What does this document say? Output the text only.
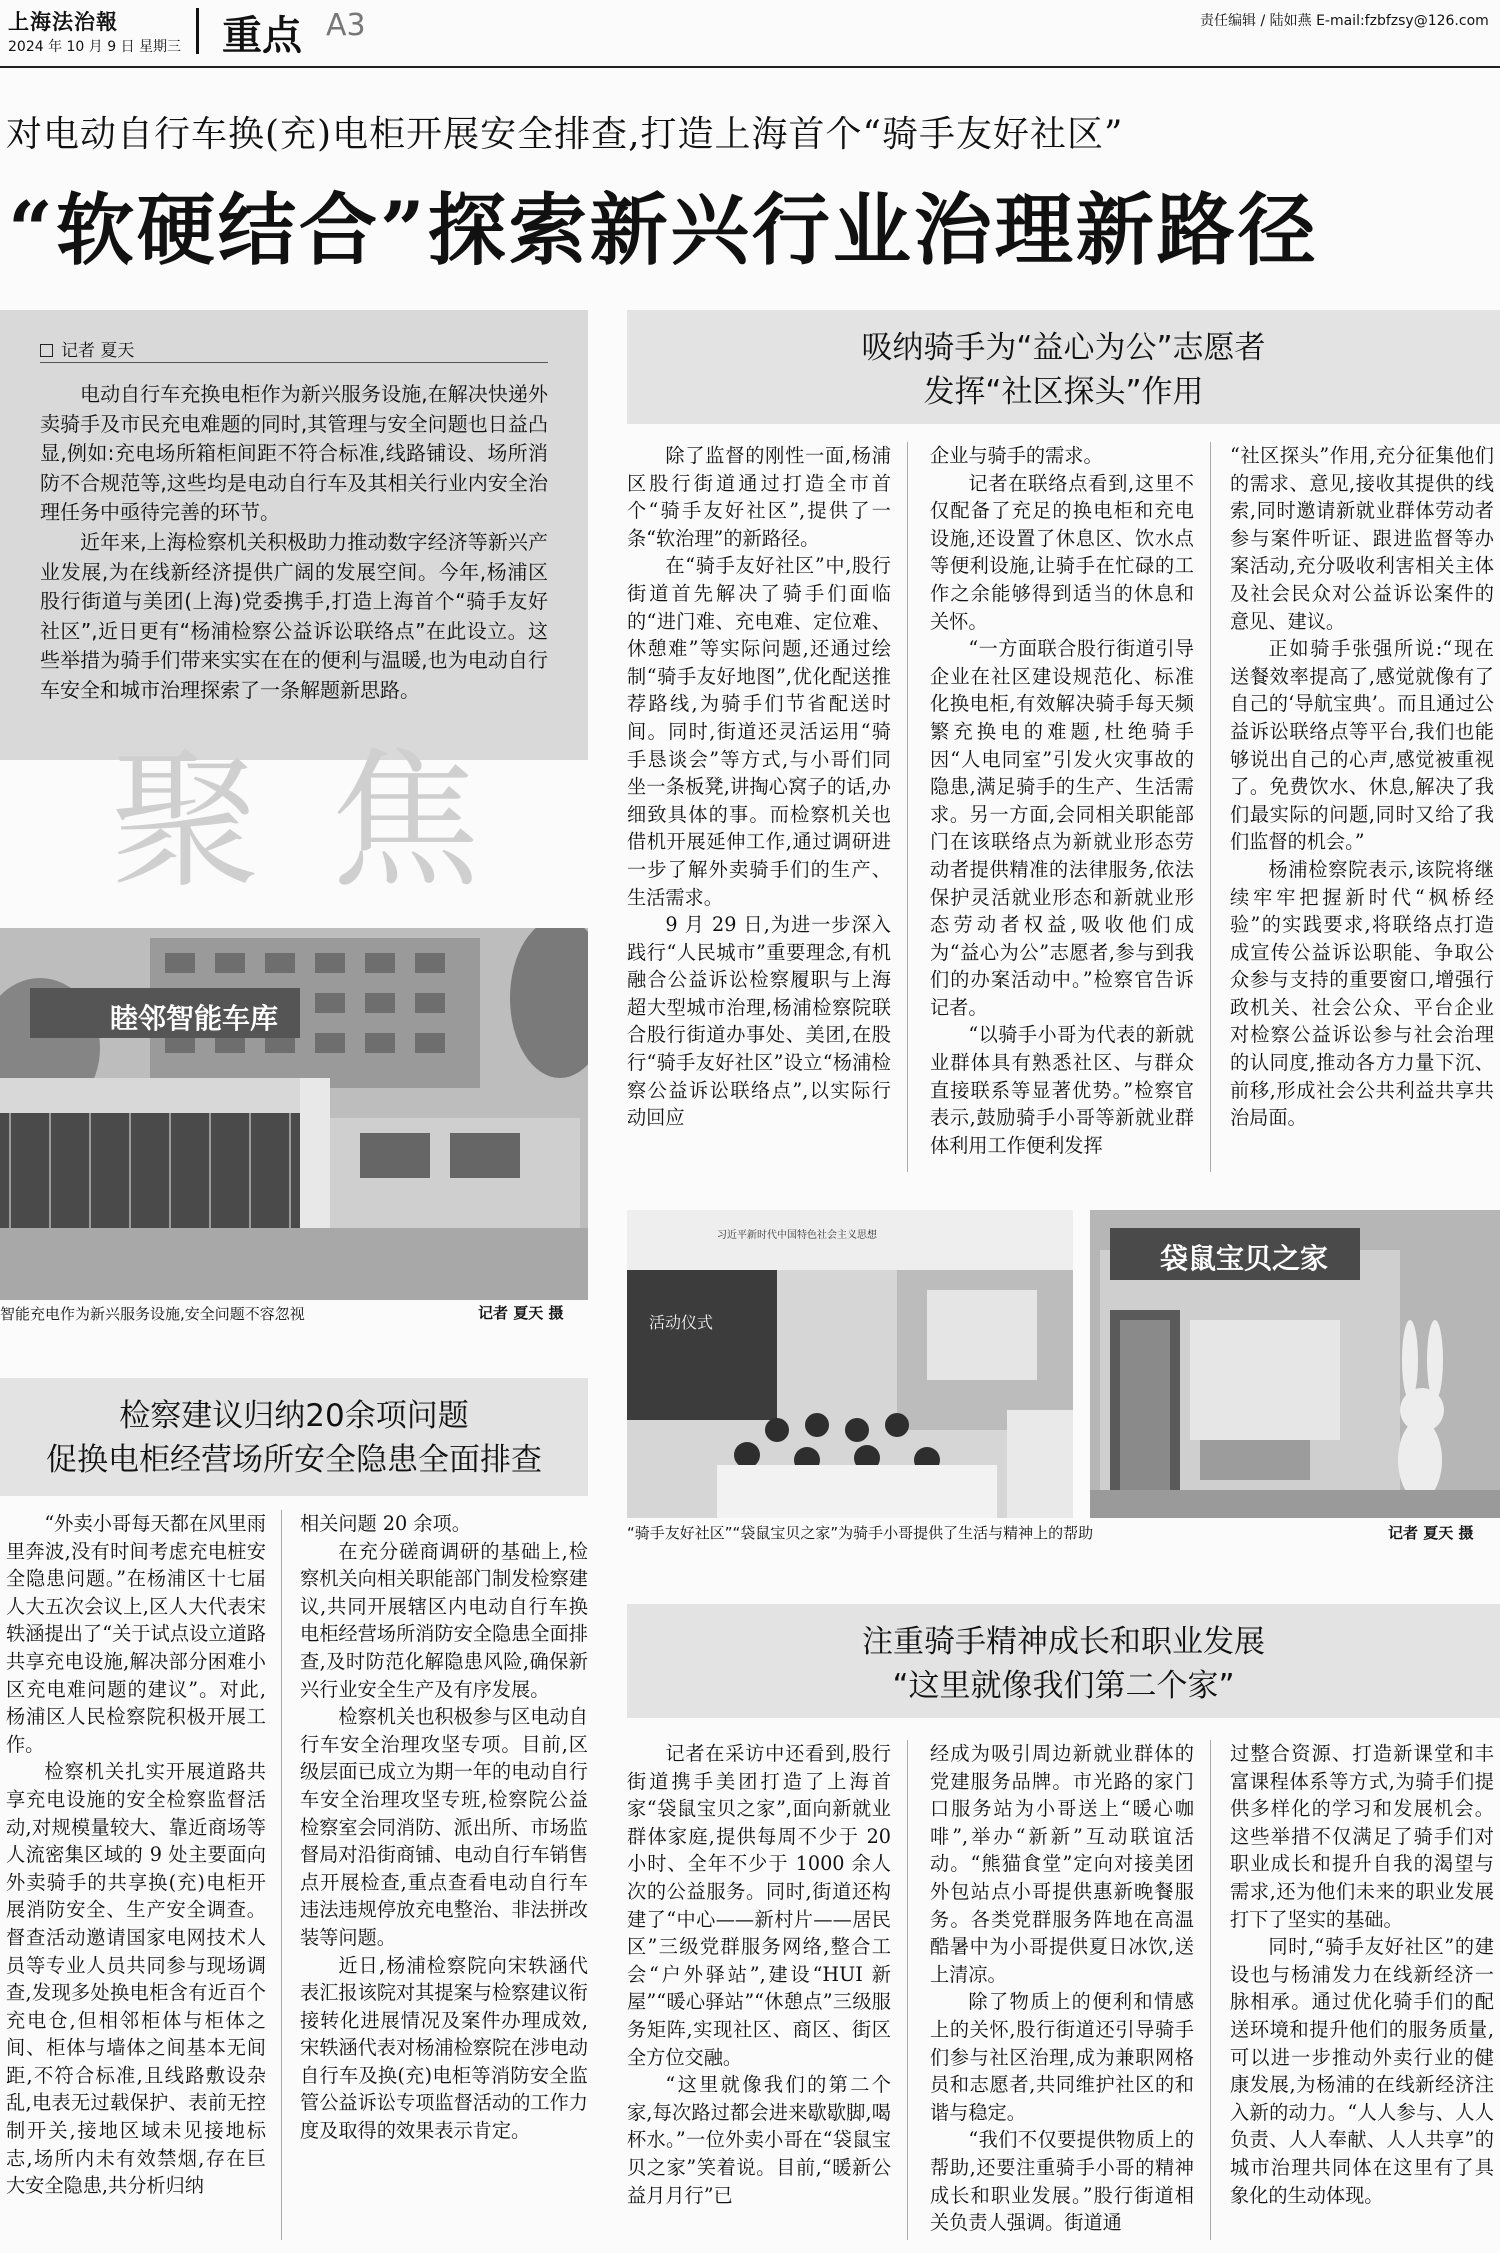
上海法治報
2024 年 10 月 9 日 星期三 重点 A3	责任编辑 / 陆如燕 E-mail:fzbfzsy@126.com
对电动自行车换(充)电柜开展安全排查,打造上海首个“骑手友好社区”
“软硬结合”探索新兴行业治理新路径
记者 夏天

电动自行车充换电柜作为新兴服务设施,在解决快递外卖骑手及市民充电难题的同时,其管理与安全问题也日益凸显,例如:充电场所箱柜间距不符合标准,线路铺设、场所消防不合规范等,这些均是电动自行车及其相关行业内安全治理任务中亟待完善的环节。

近年来,上海检察机关积极助力推动数字经济等新兴产业发展,为在线新经济提供广阔的发展空间。今年,杨浦区股行街道与美团(上海)党委携手,打造上海首个“骑手友好社区”,近日更有“杨浦检察公益诉讼联络点”在此设立。这些举措为骑手们带来实实在在的便利与温暖,也为电动自行车安全和城市治理探索了一条解题新思路。

聚焦
睦邻智能车库
智能充电作为新兴服务设施,安全问题不容忽视	记者 夏天 摄
检察建议归纳20余项问题
促换电柜经营场所安全隐患全面排查

“外卖小哥每天都在风里雨里奔波,没有时间考虑充电桩安全隐患问题。”在杨浦区十七届人大五次会议上,区人大代表宋轶涵提出了“关于试点设立道路共享充电设施,解决部分困难小区充电难问题的建议”。对此,杨浦区人民检察院积极开展工作。

检察机关扎实开展道路共享充电设施的安全检察监督活动,对规模量较大、靠近商场等人流密集区域的 9 处主要面向外卖骑手的共享换(充)电柜开展消防安全、生产安全调查。督查活动邀请国家电网技术人员等专业人员共同参与现场调查,发现多处换电柜含有近百个充电仓,但相邻柜体与柜体之间、柜体与墙体之间基本无间距,不符合标准,且线路敷设杂乱,电表无过载保护、表前无控制开关,接地区域未见接地标志,场所内未有效禁烟,存在巨大安全隐患,共分析归纳

相关问题 20 余项。

在充分磋商调研的基础上,检察机关向相关职能部门制发检察建议,共同开展辖区内电动自行车换电柜经营场所消防安全隐患全面排查,及时防范化解隐患风险,确保新兴行业安全生产及有序发展。

检察机关也积极参与区电动自行车安全治理攻坚专项。目前,区级层面已成立为期一年的电动自行车安全治理攻坚专班,检察院公益检察室会同消防、派出所、市场监督局对沿街商铺、电动自行车销售点开展检查,重点查看电动自行车违法违规停放充电整治、非法拼改装等问题。

近日,杨浦检察院向宋轶涵代表汇报该院对其提案与检察建议衔接转化进展情况及案件办理成效,宋轶涵代表对杨浦检察院在涉电动自行车及换(充)电柜等消防安全监管公益诉讼专项监督活动的工作力度及取得的效果表示肯定。

吸纳骑手为“益心为公”志愿者
发挥“社区探头”作用

除了监督的刚性一面,杨浦区股行街道通过打造全市首个“骑手友好社区”,提供了一条“软治理”的新路径。

在“骑手友好社区”中,股行街道首先解决了骑手们面临的“进门难、充电难、定位难、休憩难”等实际问题,还通过绘制“骑手友好地图”,优化配送推荐路线,为骑手们节省配送时间。同时,街道还灵活运用“骑手恳谈会”等方式,与小哥们同坐一条板凳,讲掏心窝子的话,办细致具体的事。而检察机关也借机开展延伸工作,通过调研进一步了解外卖骑手们的生产、生活需求。

9 月 29 日,为进一步深入践行“人民城市”重要理念,有机融合公益诉讼检察履职与上海超大型城市治理,杨浦检察院联合股行街道办事处、美团,在股行“骑手友好社区”设立“杨浦检察公益诉讼联络点”,以实际行动回应

企业与骑手的需求。

记者在联络点看到,这里不仅配备了充足的换电柜和充电设施,还设置了休息区、饮水点等便利设施,让骑手在忙碌的工作之余能够得到适当的休息和关怀。

“一方面联合股行街道引导企业在社区建设规范化、标准化换电柜,有效解决骑手每天频繁充换电的难题,杜绝骑手因“人电同室”引发火灾事故的隐患,满足骑手的生产、生活需求。另一方面,会同相关职能部门在该联络点为新就业形态劳动者提供精准的法律服务,依法保护灵活就业形态和新就业形态劳动者权益,吸收他们成为“益心为公”志愿者,参与到我们的办案活动中。”检察官告诉记者。

“以骑手小哥为代表的新就业群体具有熟悉社区、与群众直接联系等显著优势。”检察官表示,鼓励骑手小哥等新就业群体利用工作便利发挥

“社区探头”作用,充分征集他们的需求、意见,接收其提供的线索,同时邀请新就业群体劳动者参与案件听证、跟进监督等办案活动,充分吸收利害相关主体及社会民众对公益诉讼案件的意见、建议。

正如骑手张强所说:“现在送餐效率提高了,感觉就像有了自己的‘导航宝典’。而且通过公益诉讼联络点等平台,我们也能够说出自己的心声,感觉被重视了。免费饮水、休息,解决了我们最实际的问题,同时又给了我们监督的机会。”

杨浦检察院表示,该院将继续牢牢把握新时代“枫桥经验”的实践要求,将联络点打造成宣传公益诉讼职能、争取公众参与支持的重要窗口,增强行政机关、社会公众、平台企业对检察公益诉讼参与社会治理的认同度,推动各方力量下沉、前移,形成社会公共利益共享共治局面。

习近平新时代中国特色社会主义思想
活动仪式
袋鼠宝贝之家
“骑手友好社区”“袋鼠宝贝之家”为骑手小哥提供了生活与精神上的帮助	记者 夏天 摄
注重骑手精神成长和职业发展
“这里就像我们第二个家”

记者在采访中还看到,股行街道携手美团打造了上海首家“袋鼠宝贝之家”,面向新就业群体家庭,提供每周不少于 20 小时、全年不少于 1000 余人次的公益服务。同时,街道还构建了“中心——新村片——居民区”三级党群服务网络,整合工会“户外驿站”,建设“HUI 新屋”“暖心驿站”“休憩点”三级服务矩阵,实现社区、商区、街区全方位交融。

“这里就像我们的第二个家,每次路过都会进来歇歇脚,喝杯水。”一位外卖小哥在“袋鼠宝贝之家”笑着说。目前,“暖新公益月月行”已

经成为吸引周边新就业群体的党建服务品牌。市光路的家门口服务站为小哥送上“暖心咖啡”,举办“新新”互动联谊活动。“熊猫食堂”定向对接美团外包站点小哥提供惠新晚餐服务。各类党群服务阵地在高温酷暑中为小哥提供夏日冰饮,送上清凉。

除了物质上的便利和情感上的关怀,股行街道还引导骑手们参与社区治理,成为兼职网格员和志愿者,共同维护社区的和谐与稳定。

“我们不仅要提供物质上的帮助,还要注重骑手小哥的精神成长和职业发展。”股行街道相关负责人强调。街道通

过整合资源、打造新课堂和丰富课程体系等方式,为骑手们提供多样化的学习和发展机会。这些举措不仅满足了骑手们对职业成长和提升自我的渴望与需求,还为他们未来的职业发展打下了坚实的基础。

同时,“骑手友好社区”的建设也与杨浦发力在线新经济一脉相承。通过优化骑手们的配送环境和提升他们的服务质量,可以进一步推动外卖行业的健康发展,为杨浦的在线新经济注入新的动力。“人人参与、人人负责、人人奉献、人人共享”的城市治理共同体在这里有了具象化的生动体现。
